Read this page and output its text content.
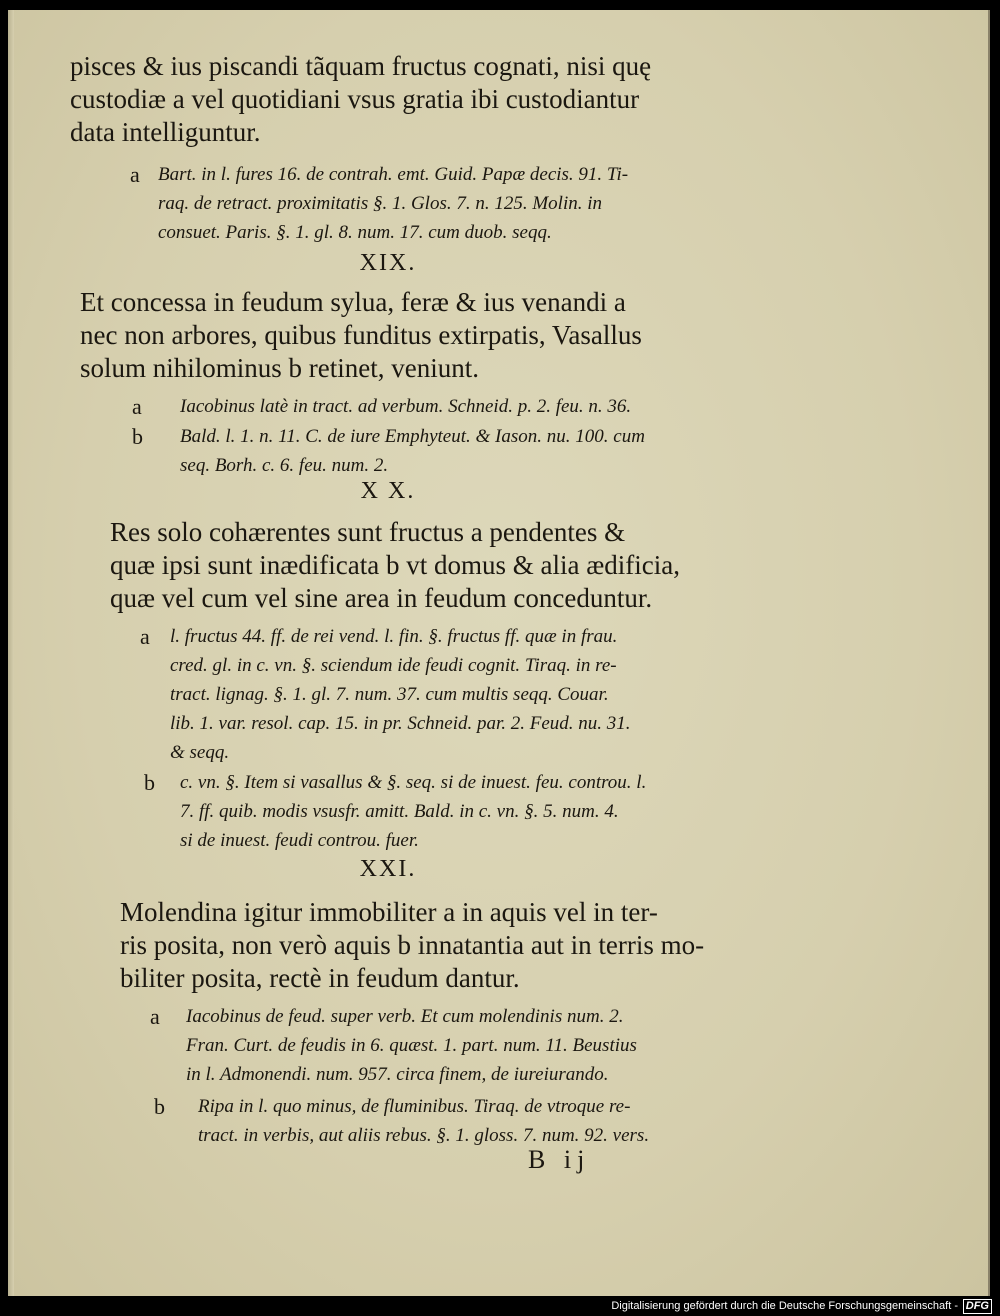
pisces & ius piscandi tãquam fructus cognati, nisi quę
custodiæ a vel quotidiani vsus gratia ibi custodiantur
data intelliguntur.
a Bart. in l. fures 16. de contrah. emt. Guid. Papæ decis. 91. Ti-
raq. de retract. proximitatis §. 1. Glos. 7. n. 125. Molin. in
consuet. Paris. §. 1. gl. 8. num. 17. cum duob. seqq.
XIX.
Et concessa in feudum sylua, feræ & ius venandi a
nec non arbores, quibus funditus extirpatis, Vasallus
solum nihilominus b retinet, veniunt.
a Iacobinus latè in tract. ad verbum. Schneid. p. 2. feu. n. 36.
b Bald. l. 1. n. 11. C. de iure Emphyteut. & Iason. nu. 100. cum
seq. Borh. c. 6. feu. num. 2.
X X.
Res solo cohærentes sunt fructus a pendentes &
quæ ipsi sunt inædificata b vt domus & alia ædificia,
quæ vel cum vel sine area in feudum conceduntur.
a l. fructus 44. ff. de rei vend. l. fin. §. fructus ff. quæ in frau.
cred. gl. in c. vn. §. sciendum ide feudi cognit. Tiraq. in re-
tract. lignag. §. 1. gl. 7. num. 37. cum multis seqq. Couar.
lib. 1. var. resol. cap. 15. in pr. Schneid. par. 2. Feud. nu. 31.
& seqq.
b c. vn. §. Item si vasallus & §. seq. si de inuest. feu. controu. l.
7. ff. quib. modis vsusfr. amitt. Bald. in c. vn. §. 5. num. 4.
si de inuest. feudi controu. fuer.
XXI.
Molendina igitur immobiliter a in aquis vel in ter-
ris posita, non verò aquis b innatantia aut in terris mo-
biliter posita, rectè in feudum dantur.
a Iacobinus de feud. super verb. Et cum molendinis num. 2.
Fran. Curt. de feudis in 6. quæst. 1. part. num. 11. Beustius
in l. Admonendi. num. 957. circa finem, de iureiurando.
b Ripa in l. quo minus, de fluminibus. Tiraq. de vtroque re-
tract. in verbis, aut aliis rebus. §. 1. gloss. 7. num. 92. vers.
B ij
Digitalisierung gefördert durch die Deutsche Forschungsgemeinschaft - DFG
